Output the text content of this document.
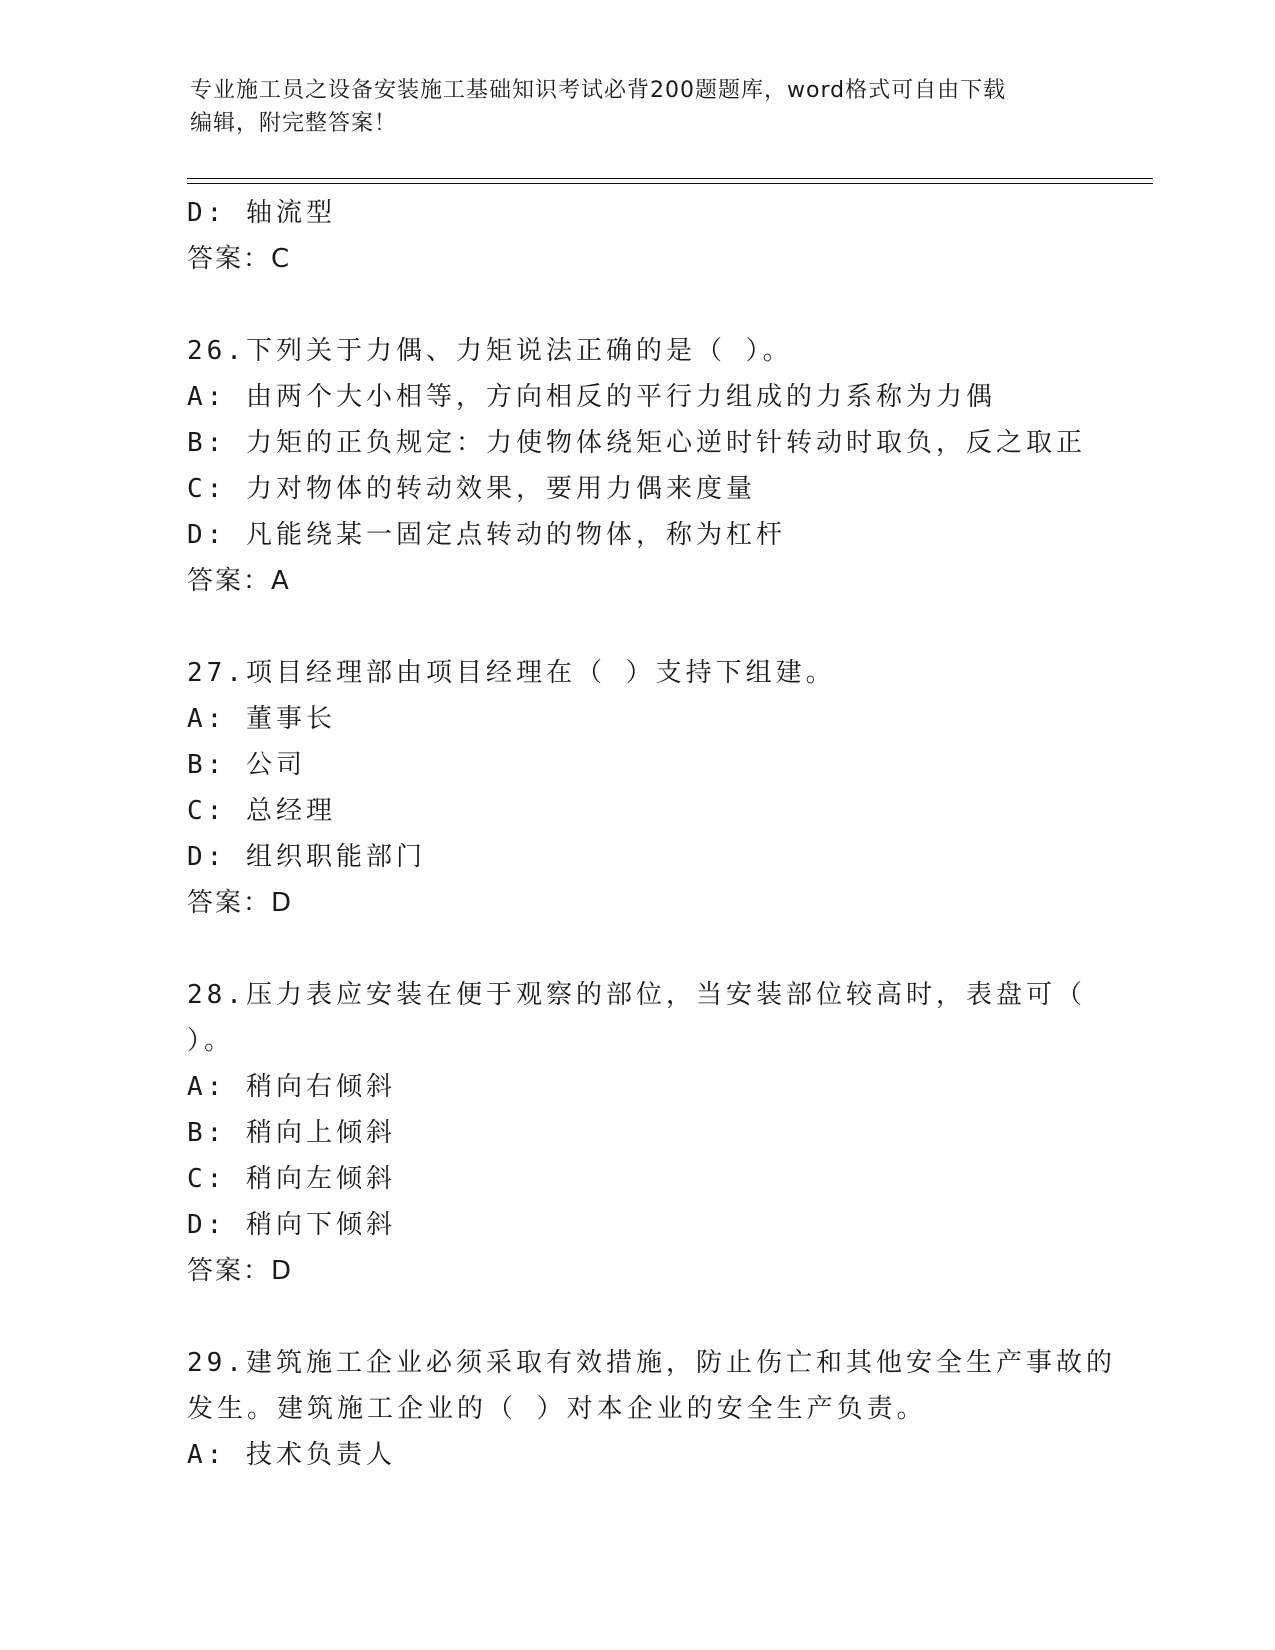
专业施工员之设备安装施工基础知识考试必背200题题库，word格式可自由下载
编辑，附完整答案！
D: 轴流型
答案：C
26.下列关于力偶、力矩说法正确的是（ ）。
A: 由两个大小相等，方向相反的平行力组成的力系称为力偶
B: 力矩的正负规定：力使物体绕矩心逆时针转动时取负，反之取正
C: 力对物体的转动效果，要用力偶来度量
D: 凡能绕某一固定点转动的物体，称为杠杆
答案：A
27.项目经理部由项目经理在（ ）支持下组建。
A: 董事长
B: 公司
C: 总经理
D: 组织职能部门
答案：D
28.压力表应安装在便于观察的部位，当安装部位较高时，表盘可（
）。
A: 稍向右倾斜
B: 稍向上倾斜
C: 稍向左倾斜
D: 稍向下倾斜
答案：D
29.建筑施工企业必须采取有效措施，防止伤亡和其他安全生产事故的
发生。建筑施工企业的（ ）对本企业的安全生产负责。
A: 技术负责人
